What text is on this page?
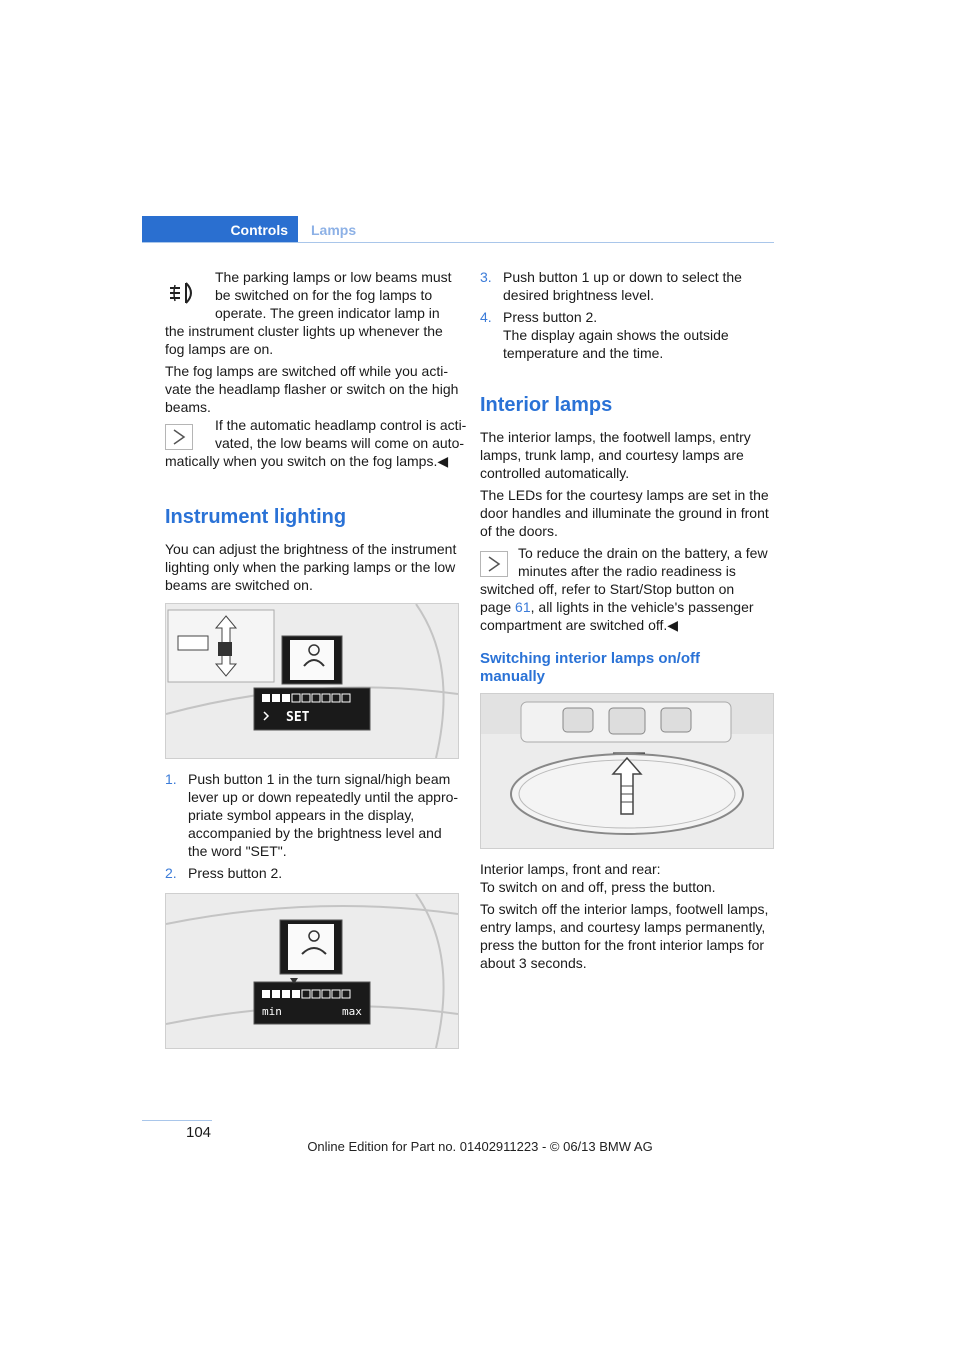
Controls	Lamps

The parking lamps or low beams must

be switched on for the fog lamps to

operate. The green indicator lamp in

the instrument cluster lights up whenever the

fog lamps are on.

The fog lamps are switched off while you acti-

vate the headlamp flasher or switch on the high

beams.

If the automatic headlamp control is acti-

vated, the low beams will come on auto-

matically when you switch on the fog lamps.◀

Instrument lighting

You can adjust the brightness of the instrument

lighting only when the parking lamps or the low

beams are switched on.

SET
1. Push button 1 in the turn signal/high beam

lever up or down repeatedly until the appro-

priate symbol appears in the display,

accompanied by the brightness level and

the word "SET".

2. Press button 2.
min	max
3. Push button 1 up or down to select the

desired brightness level.

4. Press button 2.

The display again shows the outside

temperature and the time.

Interior lamps

The interior lamps, the footwell lamps, entry

lamps, trunk lamp, and courtesy lamps are

controlled automatically.

The LEDs for the courtesy lamps are set in the

door handles and illuminate the ground in front

of the doors.

To reduce the drain on the battery, a few

minutes after the radio readiness is

switched off, refer to Start/Stop button on

page 61, all lights in the vehicle's passenger

compartment are switched off.◀

Switching interior lamps on/off
manually

Interior lamps, front and rear:

To switch on and off, press the button.

To switch off the interior lamps, footwell lamps,

entry lamps, and courtesy lamps permanently,

press the button for the front interior lamps for

about 3 seconds.

104
Online Edition for Part no. 01402911223 - © 06/13 BMW AG
